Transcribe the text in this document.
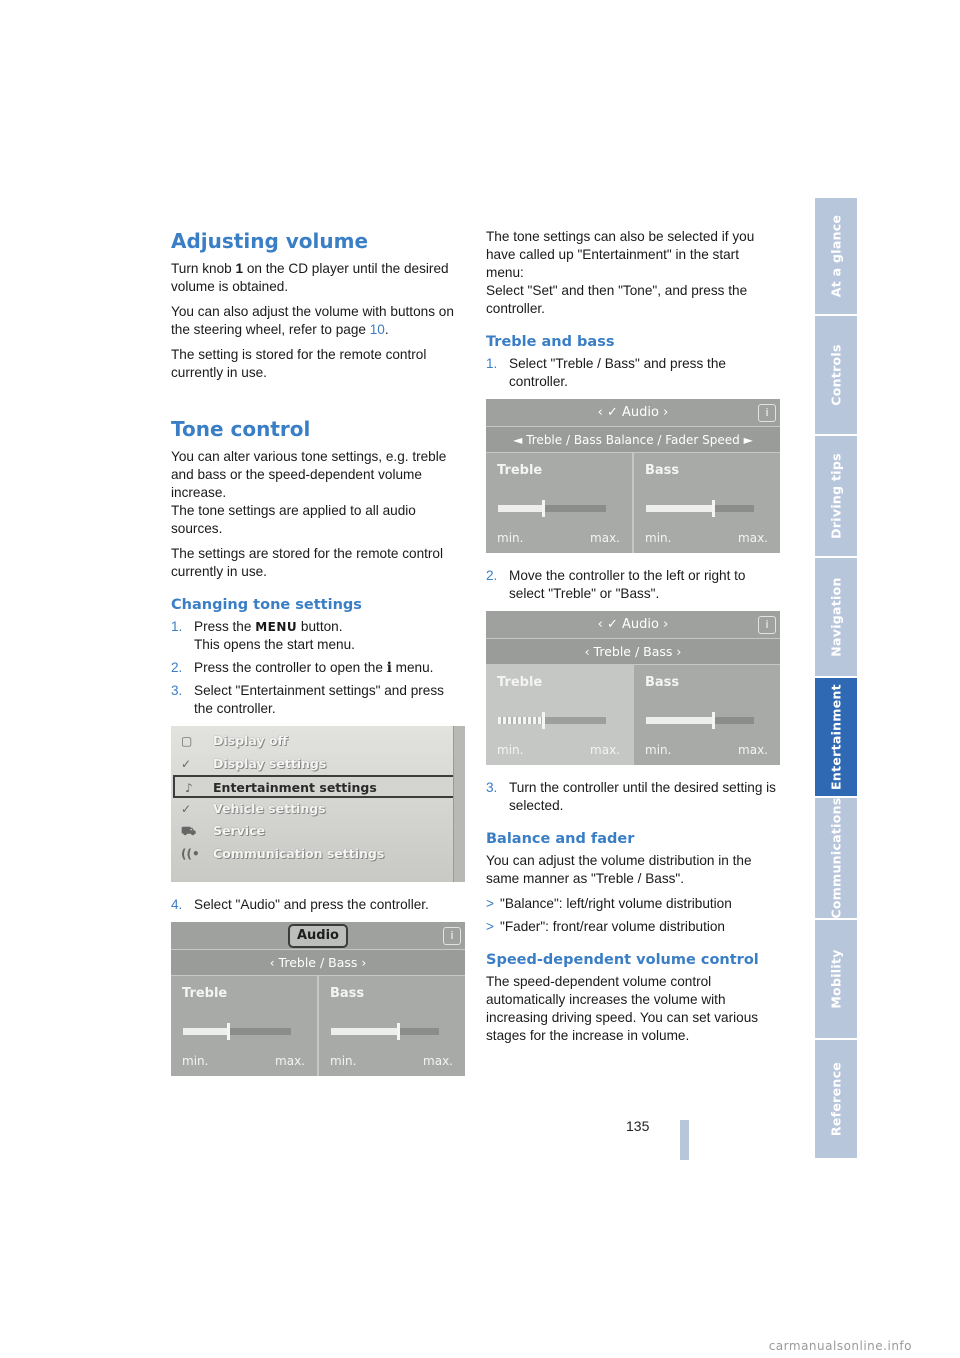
Adjusting volume

Turn knob 1 on the CD player until the desired volume is obtained.

You can also adjust the volume with buttons on the steering wheel, refer to page 10.

The setting is stored for the remote control currently in use.

Tone control

You can alter various tone settings, e.g. treble and bass or the speed-dependent volume increase.

The tone settings are applied to all audio sources.

The settings are stored for the remote control currently in use.

Changing tone settings
1. Press the MENU button.
This opens the start menu.
2. Press the controller to open the i menu.
3. Select "Entertainment settings" and press the controller.
▢	Display off
✓	Display settings
♪	Entertainment settings
✓	Vehicle settings
⛟	Service
((• Communication settings
4. Select "Audio" and press the controller.
Audio	i
‹ Treble / Bass ›
Treble
min.	max.
Bass
min.	max.

The tone settings can also be selected if you have called up "Entertainment" in the start menu:

Select "Set" and then "Tone", and press the controller.

Treble and bass
1. Select "Treble / Bass" and press the controller.
‹ ✓ Audio ›	i
◄ Treble / Bass Balance / Fader Speed ►
Treble
min.	max.
Bass
min.	max.
2. Move the controller to the left or right to select "Treble" or "Bass".
‹ ✓ Audio ›	i
‹ Treble / Bass ›
Treble
min.	max.
Bass
min.	max.
3. Turn the controller until the desired setting is selected.
Balance and fader

You can adjust the volume distribution in the same manner as "Treble / Bass".

> "Balance": left/right volume distribution
> "Fader": front/rear volume distribution
Speed-dependent volume control

The speed-dependent volume control automatically increases the volume with increasing driving speed. You can set various stages for the increase in volume.

At a glance
Controls
Driving tips
Navigation
Entertainment
Communications
Mobility
Reference
135
carmanualsonline.info
